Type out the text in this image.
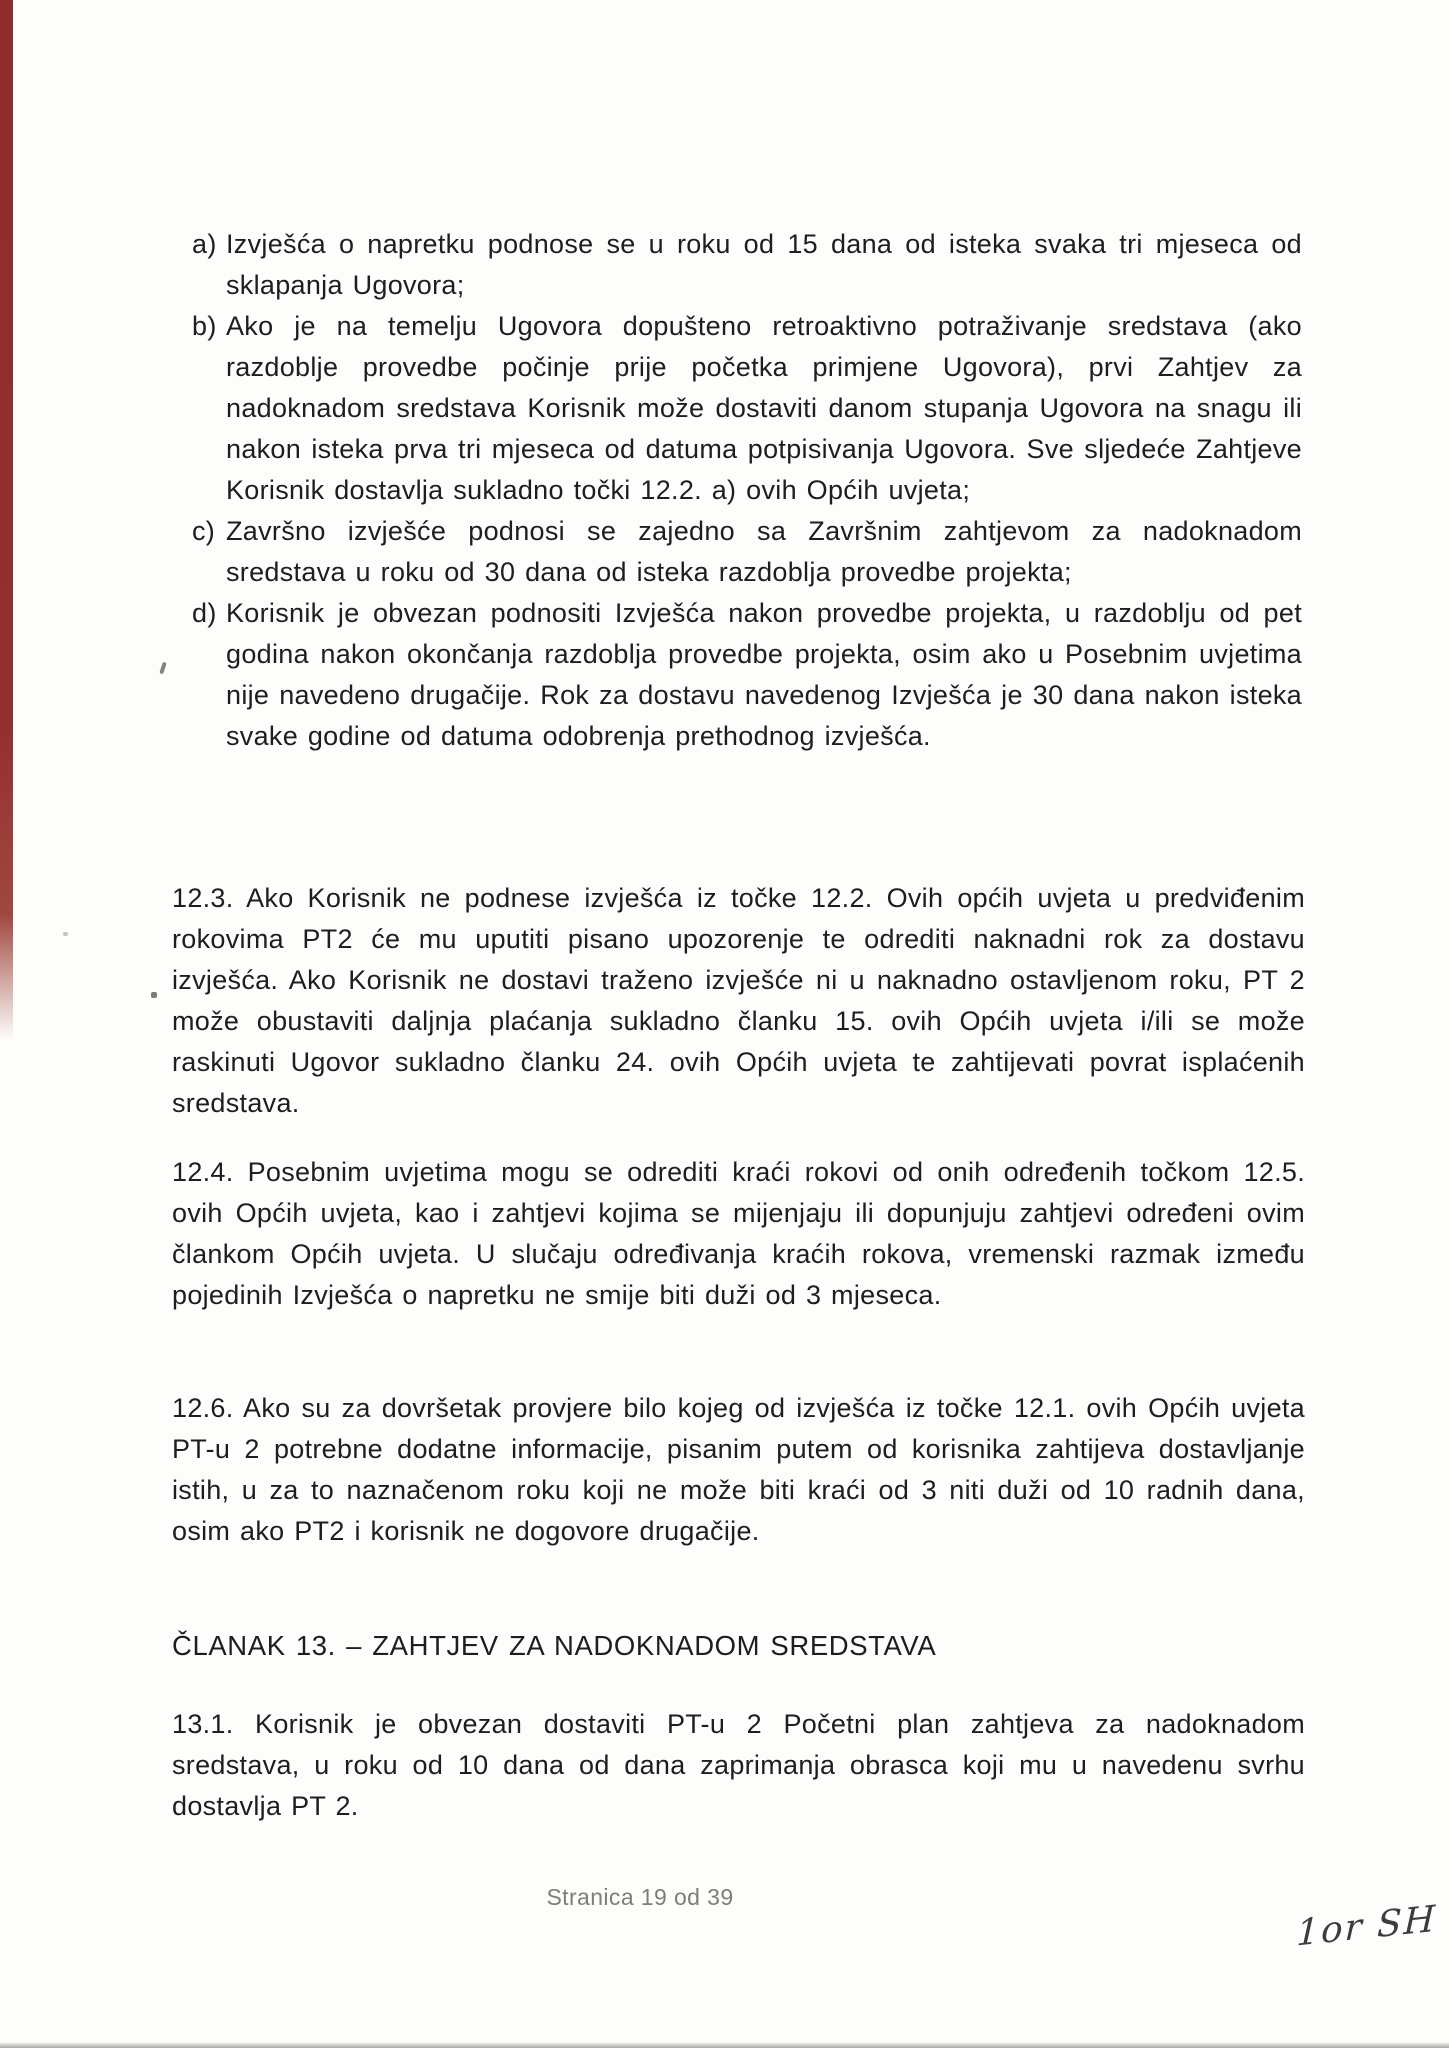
a) Izvješća o napretku podnose se u roku od 15 dana od isteka svaka tri mjeseca od sklapanja Ugovora;
b) Ako je na temelju Ugovora dopušteno retroaktivno potraživanje sredstava (ako razdoblje provedbe počinje prije početka primjene Ugovora), prvi Zahtjev za nadoknadom sredstava Korisnik može dostaviti danom stupanja Ugovora na snagu ili nakon isteka prva tri mjeseca od datuma potpisivanja Ugovora. Sve sljedeće Zahtjeve Korisnik dostavlja sukladno točki 12.2. a) ovih Općih uvjeta;
c) Završno izvješće podnosi se zajedno sa Završnim zahtjevom za nadoknadom sredstava u roku od 30 dana od isteka razdoblja provedbe projekta;
d) Korisnik je obvezan podnositi Izvješća nakon provedbe projekta, u razdoblju od pet godina nakon okončanja razdoblja provedbe projekta, osim ako u Posebnim uvjetima nije navedeno drugačije. Rok za dostavu navedenog Izvješća je 30 dana nakon isteka svake godine od datuma odobrenja prethodnog izvješća.
12.3. Ako Korisnik ne podnese izvješća iz točke 12.2. Ovih općih uvjeta u predviđenim rokovima PT2 će mu uputiti pisano upozorenje te odrediti naknadni rok za dostavu izvješća. Ako Korisnik ne dostavi traženo izvješće ni u naknadno ostavljenom roku, PT 2 može obustaviti daljnja plaćanja sukladno članku 15. ovih Općih uvjeta i/ili se može raskinuti Ugovor sukladno članku 24. ovih Općih uvjeta te zahtijevati povrat isplaćenih sredstava.
12.4. Posebnim uvjetima mogu se odrediti kraći rokovi od onih određenih točkom 12.5. ovih Općih uvjeta, kao i zahtjevi kojima se mijenjaju ili dopunjuju zahtjevi određeni ovim člankom Općih uvjeta. U slučaju određivanja kraćih rokova, vremenski razmak između pojedinih Izvješća o napretku ne smije biti duži od 3 mjeseca.
12.6. Ako su za dovršetak provjere bilo kojeg od izvješća iz točke 12.1. ovih Općih uvjeta PT-u 2 potrebne dodatne informacije, pisanim putem od korisnika zahtijeva dostavljanje istih, u za to naznačenom roku koji ne može biti kraći od 3 niti duži od 10 radnih dana, osim ako PT2 i korisnik ne dogovore drugačije.
ČLANAK 13. – ZAHTJEV ZA NADOKNADOM SREDSTAVA
13.1. Korisnik je obvezan dostaviti PT-u 2 Početni plan zahtjeva za nadoknadom sredstava, u roku od 10 dana od dana zaprimanja obrasca koji mu u navedenu svrhu dostavlja PT 2.
Stranica 19 od 39
1or SH
